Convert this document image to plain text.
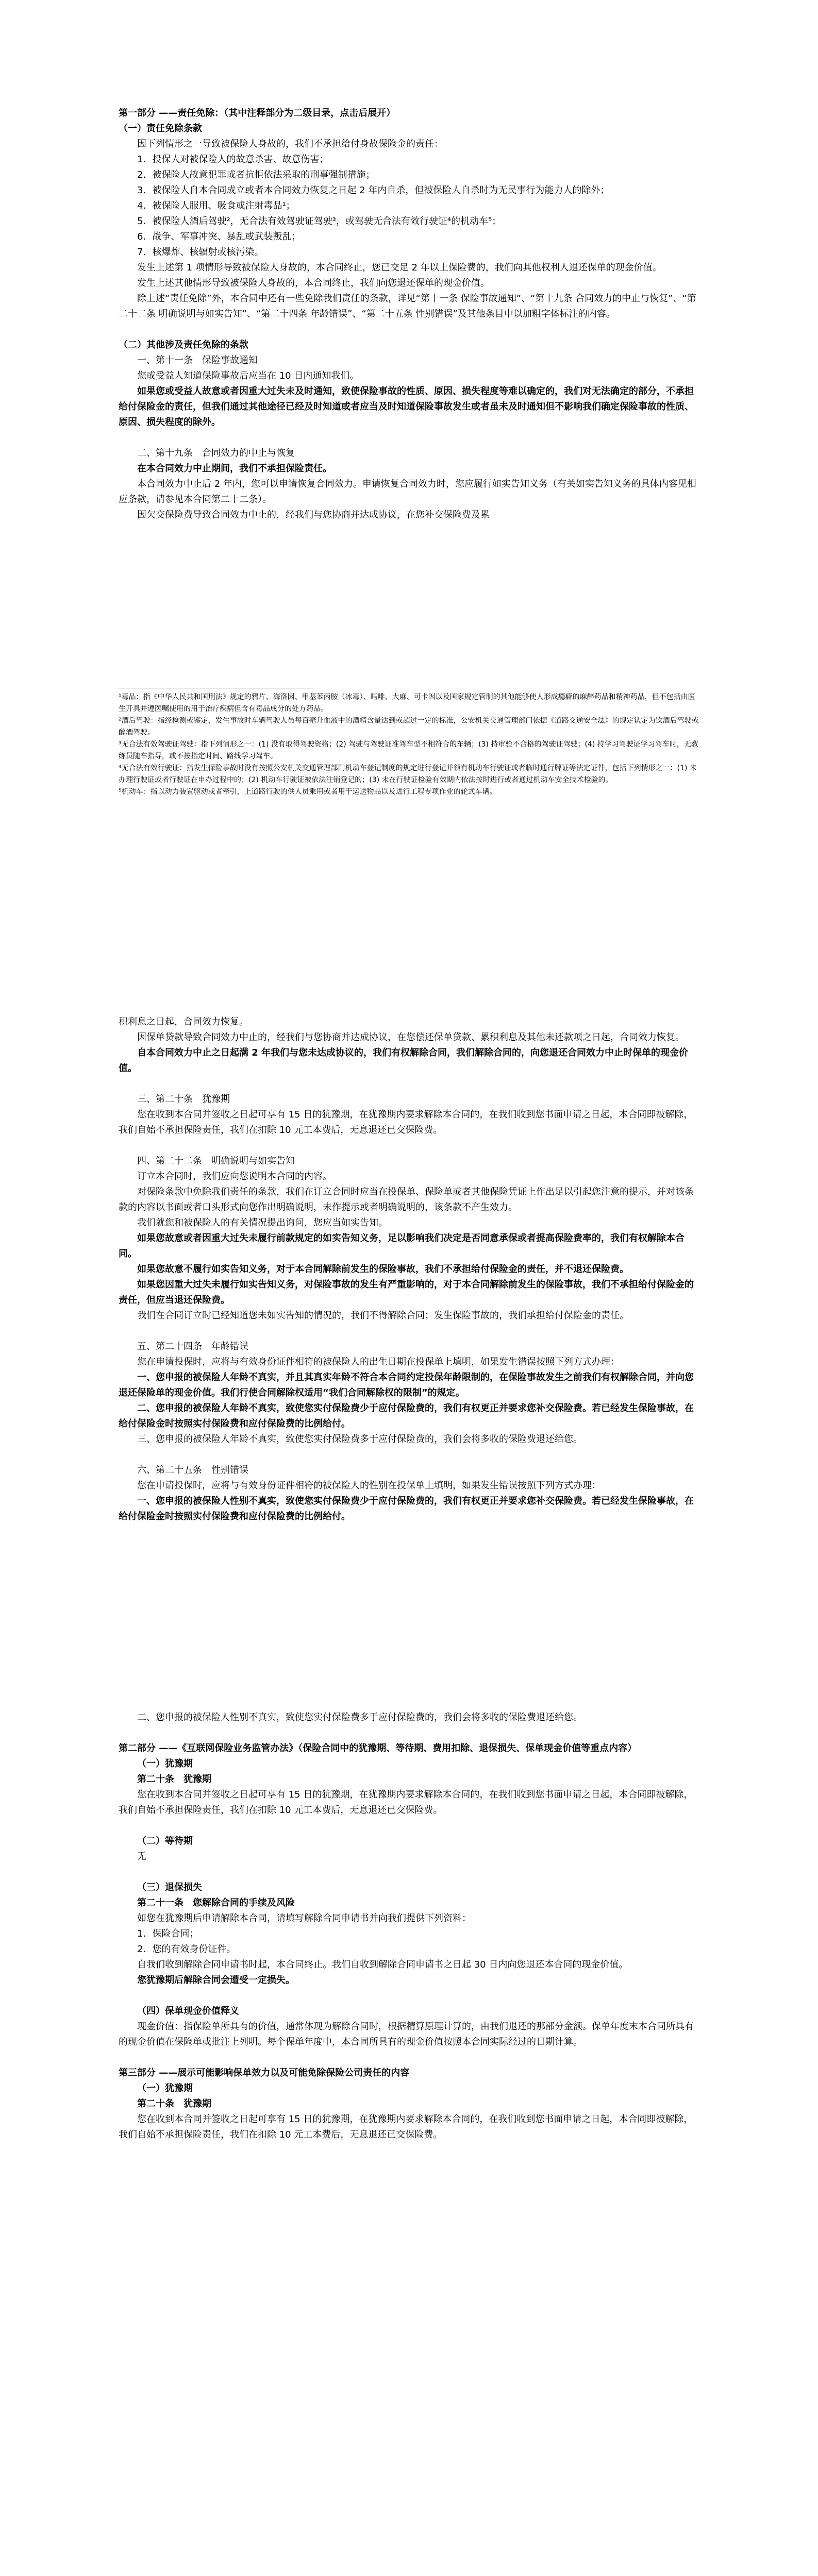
第一部分 ——责任免除：（其中注释部分为二级目录，点击后展开）

（一）责任免除条款

因下列情形之一导致被保险人身故的，我们不承担给付身故保险金的责任：

1．投保人对被保险人的故意杀害、故意伤害；

2．被保险人故意犯罪或者抗拒依法采取的刑事强制措施；

3．被保险人自本合同成立或者本合同效力恢复之日起 2 年内自杀，但被保险人自杀时为无民事行为能力人的除外；

4．被保险人服用、吸食或注射毒品¹；

5．被保险人酒后驾驶²，无合法有效驾驶证驾驶³，或驾驶无合法有效行驶证⁴的机动车⁵；

6．战争、军事冲突、暴乱或武装叛乱；

7．核爆炸、核辐射或核污染。

发生上述第 1 项情形导致被保险人身故的，本合同终止，您已交足 2 年以上保险费的，我们向其他权利人退还保单的现金价值。

发生上述其他情形导致被保险人身故的，本合同终止，我们向您退还保单的现金价值。

除上述“责任免除”外，本合同中还有一些免除我们责任的条款，详见“第十一条 保险事故通知”、“第十九条 合同效力的中止与恢复”、“第二十二条 明确说明与如实告知”、“第二十四条 年龄错误”、“第二十五条 性别错误”及其他条目中以加粗字体标注的内容。

（二）其他涉及责任免除的条款

一、第十一条　保险事故通知

您或受益人知道保险事故后应当在 10 日内通知我们。

如果您或受益人故意或者因重大过失未及时通知，致使保险事故的性质、原因、损失程度等难以确定的，我们对无法确定的部分，不承担给付保险金的责任，但我们通过其他途径已经及时知道或者应当及时知道保险事故发生或者虽未及时通知但不影响我们确定保险事故的性质、原因、损失程度的除外。

二、第十九条　合同效力的中止与恢复

在本合同效力中止期间，我们不承担保险责任。

本合同效力中止后 2 年内，您可以申请恢复合同效力。申请恢复合同效力时，您应履行如实告知义务（有关如实告知义务的具体内容见相应条款，请参见本合同第二十二条）。

因欠交保险费导致合同效力中止的，经我们与您协商并达成协议，在您补交保险费及累

¹毒品：指《中华人民共和国刑法》规定的鸦片、海洛因、甲基苯丙胺（冰毒）、吗啡、大麻、可卡因以及国家规定管制的其他能够使人形成瘾癖的麻醉药品和精神药品，但不包括由医生开具并遵医嘱使用的用于治疗疾病但含有毒品成分的处方药品。

²酒后驾驶：指经检测或鉴定，发生事故时车辆驾驶人员每百毫升血液中的酒精含量达到或超过一定的标准，公安机关交通管理部门依据《道路交通安全法》的规定认定为饮酒后驾驶或醉酒驾驶。

³无合法有效驾驶证驾驶：指下列情形之一：(1) 没有取得驾驶资格；(2) 驾驶与驾驶证准驾车型不相符合的车辆；(3) 持审验不合格的驾驶证驾驶；(4) 持学习驾驶证学习驾车时，无教练员随车指导，或不按指定时间、路线学习驾车。

⁴无合法有效行驶证：指发生保险事故时没有按照公安机关交通管理部门机动车登记制度的规定进行登记并领有机动车行驶证或者临时通行牌证等法定证件，包括下列情形之一：(1) 未办理行驶证或者行驶证在申办过程中的；(2) 机动车行驶证被依法注销登记的；(3) 未在行驶证检验有效期内依法按时进行或者通过机动车安全技术检验的。

⁵机动车：指以动力装置驱动或者牵引，上道路行驶的供人员乘用或者用于运送物品以及进行工程专项作业的轮式车辆。

积利息之日起，合同效力恢复。

因保单贷款导致合同效力中止的，经我们与您协商并达成协议，在您偿还保单贷款、累积利息及其他未还款项之日起，合同效力恢复。

自本合同效力中止之日起满 2 年我们与您未达成协议的，我们有权解除合同，我们解除合同的，向您退还合同效力中止时保单的现金价值。

三、第二十条　犹豫期

您在收到本合同并签收之日起可享有 15 日的犹豫期，在犹豫期内要求解除本合同的，在我们收到您书面申请之日起，本合同即被解除，我们自始不承担保险责任，我们在扣除 10 元工本费后，无息退还已交保险费。

四、第二十二条　明确说明与如实告知

订立本合同时，我们应向您说明本合同的内容。

对保险条款中免除我们责任的条款，我们在订立合同时应当在投保单、保险单或者其他保险凭证上作出足以引起您注意的提示，并对该条款的内容以书面或者口头形式向您作出明确说明，未作提示或者明确说明的，该条款不产生效力。

我们就您和被保险人的有关情况提出询问，您应当如实告知。

如果您故意或者因重大过失未履行前款规定的如实告知义务，足以影响我们决定是否同意承保或者提高保险费率的，我们有权解除本合同。

如果您故意不履行如实告知义务，对于本合同解除前发生的保险事故，我们不承担给付保险金的责任，并不退还保险费。

如果您因重大过失未履行如实告知义务，对保险事故的发生有严重影响的，对于本合同解除前发生的保险事故，我们不承担给付保险金的责任，但应当退还保险费。

我们在合同订立时已经知道您未如实告知的情况的，我们不得解除合同；发生保险事故的，我们承担给付保险金的责任。

五、第二十四条　年龄错误

您在申请投保时，应将与有效身份证件相符的被保险人的出生日期在投保单上填明，如果发生错误按照下列方式办理：

一、您申报的被保险人年龄不真实，并且其真实年龄不符合本合同约定投保年龄限制的，在保险事故发生之前我们有权解除合同，并向您退还保险单的现金价值。我们行使合同解除权适用“我们合同解除权的限制”的规定。

二、您申报的被保险人年龄不真实，致使您实付保险费少于应付保险费的，我们有权更正并要求您补交保险费。若已经发生保险事故，在给付保险金时按照实付保险费和应付保险费的比例给付。

三、您申报的被保险人年龄不真实，致使您实付保险费多于应付保险费的，我们会将多收的保险费退还给您。

六、第二十五条　性别错误

您在申请投保时，应将与有效身份证件相符的被保险人的性别在投保单上填明，如果发生错误按照下列方式办理：

一、您申报的被保险人性别不真实，致使您实付保险费少于应付保险费的，我们有权更正并要求您补交保险费。若已经发生保险事故，在给付保险金时按照实付保险费和应付保险费的比例给付。

二、您申报的被保险人性别不真实，致使您实付保险费多于应付保险费的，我们会将多收的保险费退还给您。

第二部分 ——《互联网保险业务监管办法》（保险合同中的犹豫期、等待期、费用扣除、退保损失、保单现金价值等重点内容）

（一）犹豫期

第二十条　犹豫期

您在收到本合同并签收之日起可享有 15 日的犹豫期，在犹豫期内要求解除本合同的，在我们收到您书面申请之日起，本合同即被解除，我们自始不承担保险责任，我们在扣除 10 元工本费后，无息退还已交保险费。

（二）等待期

无

（三）退保损失

第二十一条　您解除合同的手续及风险

如您在犹豫期后申请解除本合同，请填写解除合同申请书并向我们提供下列资料：

1．保险合同；

2．您的有效身份证件。

自我们收到解除合同申请书时起，本合同终止。我们自收到解除合同申请书之日起 30 日内向您退还本合同的现金价值。

您犹豫期后解除合同会遭受一定损失。

（四）保单现金价值释义

现金价值：指保险单所具有的价值，通常体现为解除合同时，根据精算原理计算的，由我们退还的那部分金额。保单年度末本合同所具有的现金价值在保险单或批注上列明。每个保单年度中，本合同所具有的现金价值按照本合同实际经过的日期计算。

第三部分 ——展示可能影响保单效力以及可能免除保险公司责任的内容

（一）犹豫期

第二十条　犹豫期

您在收到本合同并签收之日起可享有 15 日的犹豫期，在犹豫期内要求解除本合同的，在我们收到您书面申请之日起，本合同即被解除，我们自始不承担保险责任，我们在扣除 10 元工本费后，无息退还已交保险费。
